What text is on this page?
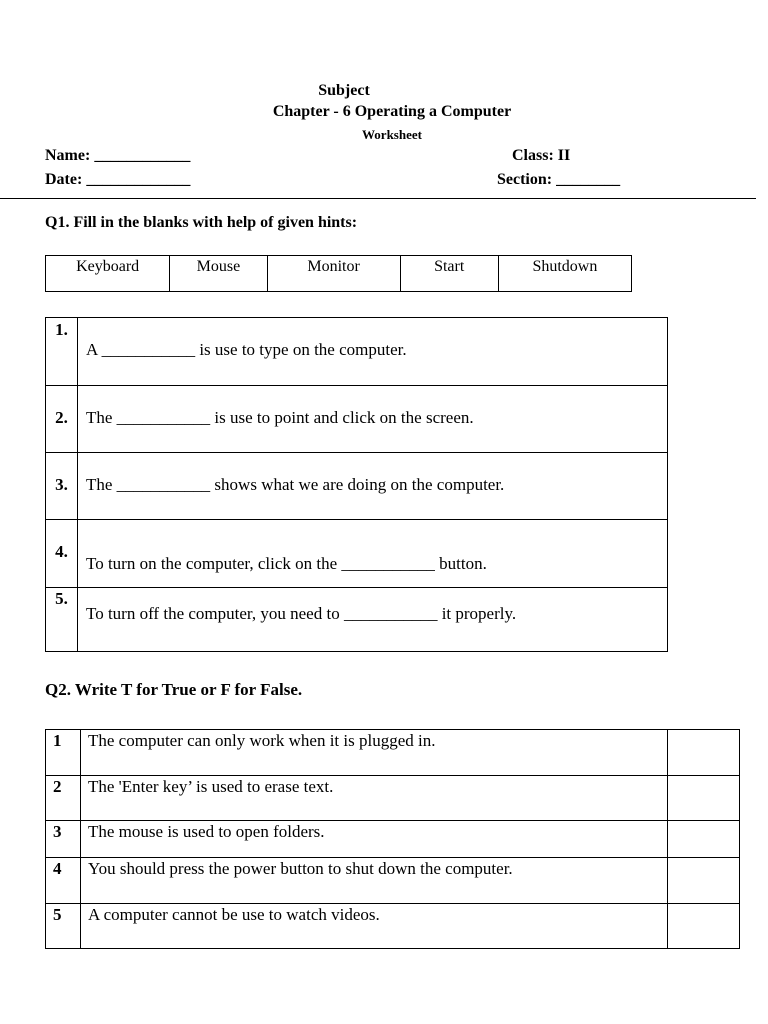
Subject
Chapter - 6 Operating a Computer
Worksheet
Name: ____________
Date: _____________
Class: II
Section: ________
Q1. Fill in the blanks with help of given hints:
Keyboard	Mouse	Monitor	Start	Shutdown
1.	A ___________ is use to type on the computer.
2.	The ___________ is use to point and click on the screen.
3.	The ___________ shows what we are doing on the computer.
4.	To turn on the computer, click on the ___________ button.
5.	To turn off the computer, you need to ___________ it properly.
Q2. Write T for True or F for False.
1	The computer can only work when it is plugged in.	
2	The 'Enter key’ is used to erase text.	
3	The mouse is used to open folders.	
4	You should press the power button to shut down the computer.	
5	A computer cannot be use to watch videos.	
